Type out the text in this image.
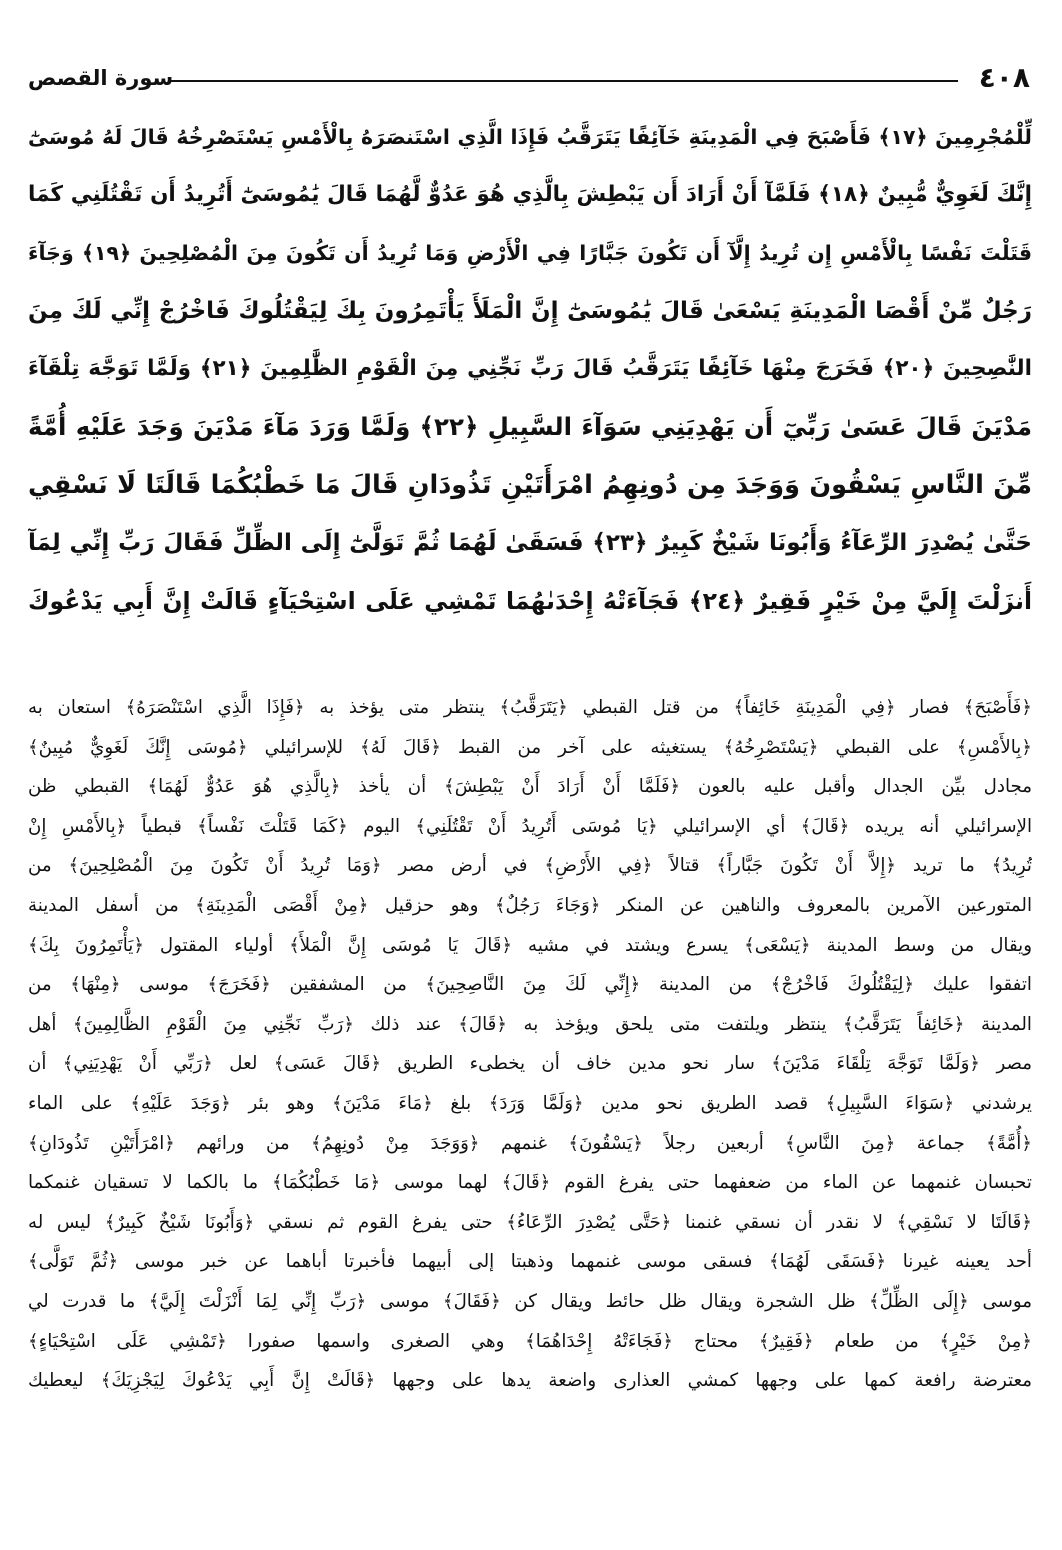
٤٠٨
سورة القصص
لِّلْمُجْرِمِينَ ﴿١٧﴾ فَأَصْبَحَ فِي الْمَدِينَةِ خَآئِفًا يَتَرَقَّبُ فَإِذَا الَّذِي اسْتَنصَرَهُ بِالْأَمْسِ يَسْتَصْرِخُهُ قَالَ لَهُ مُوسَىٰٓ
إِنَّكَ لَغَوِيٌّ مُّبِينٌ ﴿١٨﴾ فَلَمَّآ أَنْ أَرَادَ أَن يَبْطِشَ بِالَّذِي هُوَ عَدُوٌّ لَّهُمَا قَالَ يَٰمُوسَىٰٓ أَتُرِيدُ أَن تَقْتُلَنِي كَمَا
قَتَلْتَ نَفْسًا بِالْأَمْسِ إِن تُرِيدُ إِلَّآ أَن تَكُونَ جَبَّارًا فِي الْأَرْضِ وَمَا تُرِيدُ أَن تَكُونَ مِنَ الْمُصْلِحِينَ ﴿١٩﴾ وَجَآءَ
رَجُلٌ مِّنْ أَقْصَا الْمَدِينَةِ يَسْعَىٰ قَالَ يَٰمُوسَىٰٓ إِنَّ الْمَلَأَ يَأْتَمِرُونَ بِكَ لِيَقْتُلُوكَ فَاخْرُجْ إِنِّي لَكَ مِنَ
النَّٰصِحِينَ ﴿٢٠﴾ فَخَرَجَ مِنْهَا خَآئِفًا يَتَرَقَّبُ قَالَ رَبِّ نَجِّنِي مِنَ الْقَوْمِ الظَّٰلِمِينَ ﴿٢١﴾ وَلَمَّا تَوَجَّهَ تِلْقَآءَ
مَدْيَنَ قَالَ عَسَىٰ رَبِّيٓ أَن يَهْدِيَنِي سَوَآءَ السَّبِيلِ ﴿٢٢﴾ وَلَمَّا وَرَدَ مَآءَ مَدْيَنَ وَجَدَ عَلَيْهِ أُمَّةً
مِّنَ النَّاسِ يَسْقُونَ وَوَجَدَ مِن دُونِهِمُ امْرَأَتَيْنِ تَذُودَانِ قَالَ مَا خَطْبُكُمَا قَالَتَا لَا نَسْقِي
حَتَّىٰ يُصْدِرَ الرِّعَآءُ وَأَبُونَا شَيْخٌ كَبِيرٌ ﴿٢٣﴾ فَسَقَىٰ لَهُمَا ثُمَّ تَوَلَّىٰٓ إِلَى الظِّلِّ فَقَالَ رَبِّ إِنِّي لِمَآ
أَنزَلْتَ إِلَيَّ مِنْ خَيْرٍ فَقِيرٌ ﴿٢٤﴾ فَجَآءَتْهُ إِحْدَىٰهُمَا تَمْشِي عَلَى اسْتِحْيَآءٍ قَالَتْ إِنَّ أَبِي يَدْعُوكَ
﴿فَأَصْبَحَ﴾ فصار ﴿فِي الْمَدِينَةِ خَائِفاً﴾ من قتل القبطي ﴿يَتَرَقَّبُ﴾ ينتظر متى يؤخذ به ﴿فَإِذَا الَّذِي اسْتَنْصَرَهُ﴾ استعان به
﴿بِالأَمْسِ﴾ على القبطي ﴿يَسْتَصْرِخُهُ﴾ يستغيثه على آخر من القبط ﴿قَالَ لَهُ﴾ للإسرائيلي ﴿مُوسَى إِنَّكَ لَغَوِيٌّ مُبِينٌ﴾
مجادل بيِّن الجدال وأقبل عليه بالعون ﴿فَلَمَّا أَنْ أَرَادَ أَنْ يَبْطِشَ﴾ أن يأخذ ﴿بِالَّذِي هُوَ عَدُوٌّ لَهُمَا﴾ القبطي ظن
الإسرائيلي أنه يريده ﴿قَالَ﴾ أي الإسرائيلي ﴿يَا مُوسَى أَتُرِيدُ أَنْ تَقْتُلَنِي﴾ اليوم ﴿كَمَا قَتَلْتَ نَفْساً﴾ قبطياً ﴿بِالأَمْسِ إِنْ
تُرِيدُ﴾ ما تريد ﴿إِلاَّ أَنْ تَكُونَ جَبَّاراً﴾ قتالاً ﴿فِي الأَرْضِ﴾ في أرض مصر ﴿وَمَا تُرِيدُ أَنْ تَكُونَ مِنَ الْمُصْلِحِينَ﴾ من
المتورعين الآمرين بالمعروف والناهين عن المنكر ﴿وَجَاءَ رَجُلٌ﴾ وهو حزقيل ﴿مِنْ أَقْصَى الْمَدِينَةِ﴾ من أسفل المدينة
ويقال من وسط المدينة ﴿يَسْعَى﴾ يسرع ويشتد في مشيه ﴿قَالَ يَا مُوسَى إِنَّ الْمَلأَ﴾ أولياء المقتول ﴿يَأْتَمِرُونَ بِكَ﴾
اتفقوا عليك ﴿لِيَقْتُلُوكَ فَاخْرُجْ﴾ من المدينة ﴿إِنِّي لَكَ مِنَ النَّاصِحِينَ﴾ من المشفقين ﴿فَخَرَجَ﴾ موسى ﴿مِنْهَا﴾ من
المدينة ﴿خَائِفاً يَتَرَقَّبُ﴾ ينتظر ويلتفت متى يلحق ويؤخذ به ﴿قَالَ﴾ عند ذلك ﴿رَبِّ نَجِّنِي مِنَ الْقَوْمِ الظَّالِمِينَ﴾ أهل
مصر ﴿وَلَمَّا تَوَجَّهَ تِلْقَاءَ مَدْيَنَ﴾ سار نحو مدين خاف أن يخطىء الطريق ﴿قَالَ عَسَى﴾ لعل ﴿رَبِّي أَنْ يَهْدِيَنِي﴾ أن
يرشدني ﴿سَوَاءَ السَّبِيلِ﴾ قصد الطريق نحو مدين ﴿وَلَمَّا وَرَدَ﴾ بلغ ﴿مَاءَ مَدْيَنَ﴾ وهو بئر ﴿وَجَدَ عَلَيْهِ﴾ على الماء
﴿أُمَّةً﴾ جماعة ﴿مِنَ النَّاسِ﴾ أربعين رجلاً ﴿يَسْقُونَ﴾ غنمهم ﴿وَوَجَدَ مِنْ دُونِهِمُ﴾ من ورائهم ﴿امْرَأَتَيْنِ تَذُودَانِ﴾
تحبسان غنمهما عن الماء من ضعفهما حتى يفرغ القوم ﴿قَالَ﴾ لهما موسى ﴿مَا خَطْبُكُمَا﴾ ما بالكما لا تسقيان غنمكما
﴿قَالَتَا لا نَسْقِي﴾ لا نقدر أن نسقي غنمنا ﴿حَتَّى يُصْدِرَ الرِّعَاءُ﴾ حتى يفرغ القوم ثم نسقي ﴿وَأَبُونَا شَيْخٌ كَبِيرٌ﴾ ليس له
أحد يعينه غيرنا ﴿فَسَقَى لَهُمَا﴾ فسقى موسى غنمهما وذهبتا إلى أبيهما فأخبرتا أباهما عن خبر موسى ﴿ثُمَّ تَوَلَّى﴾
موسى ﴿إِلَى الظِّلِّ﴾ ظل الشجرة ويقال ظل حائط ويقال كن ﴿فَقَالَ﴾ موسى ﴿رَبِّ إِنِّي لِمَا أَنْزَلْتَ إِلَيَّ﴾ ما قدرت لي
﴿مِنْ خَيْرٍ﴾ من طعام ﴿فَقِيرٌ﴾ محتاج ﴿فَجَاءَتْهُ إِحْدَاهُمَا﴾ وهي الصغرى واسمها صفورا ﴿تَمْشِي عَلَى اسْتِحْيَاءٍ﴾
معترضة رافعة كمها على وجهها كمشي العذارى واضعة يدها على وجهها ﴿قَالَتْ إِنَّ أَبِي يَدْعُوكَ لِيَجْزِيَكَ﴾ ليعطيك
